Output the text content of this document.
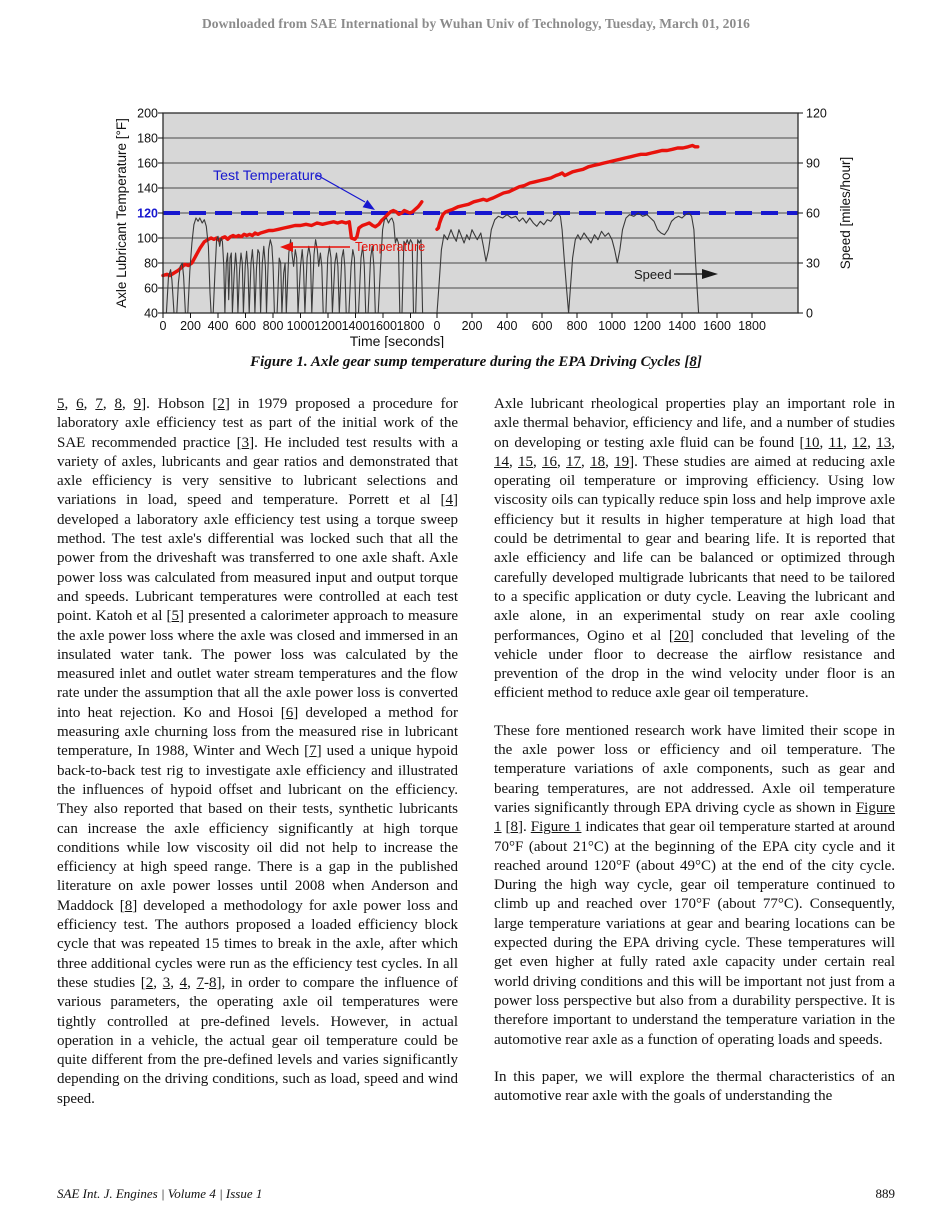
Downloaded from SAE International by Wuhan Univ of Technology, Tuesday, March 01, 2016
200
180
160
140
120
100
80
60
40
120
90
60
30
0
0 200 400 600 800 1000 1200 1400 1600 1800 0 200 400 600 800 1000 1200 1400 1600 1800
Time [seconds]
Axle Lubricant Temperature [°F]	Speed [miles/hour]
Test Temperature
Temperature
Speed
Figure 1. Axle gear sump temperature during the EPA Driving Cycles [8]

5, 6, 7, 8, 9]. Hobson [2] in 1979 proposed a procedure for laboratory axle efficiency test as part of the initial work of the SAE recommended practice [3]. He included test results with a variety of axles, lubricants and gear ratios and demonstrated that axle efficiency is very sensitive to lubricant selections and variations in load, speed and temperature. Porrett et al [4] developed a laboratory axle efficiency test using a torque sweep method. The test axle's differential was locked such that all the power from the driveshaft was transferred to one axle shaft. Axle power loss was calculated from measured input and output torque and speeds. Lubricant temperatures were controlled at each test point. Katoh et al [5] presented a calorimeter approach to measure the axle power loss where the axle was closed and immersed in an insulated water tank. The power loss was calculated by the measured inlet and outlet water stream temperatures and the flow rate under the assumption that all the axle power loss is converted into heat rejection. Ko and Hosoi [6] developed a method for measuring axle churning loss from the measured rise in lubricant temperature, In 1988, Winter and Wech [7] used a unique hypoid back-to-back test rig to investigate axle efficiency and illustrated the influences of hypoid offset and lubricant on the efficiency. They also reported that based on their tests, synthetic lubricants can increase the axle efficiency significantly at high torque conditions while low viscosity oil did not help to increase the efficiency at high speed range. There is a gap in the published literature on axle power losses until 2008 when Anderson and Maddock [8] developed a methodology for axle power loss and efficiency test. The authors proposed a loaded efficiency block cycle that was repeated 15 times to break in the axle, after which three additional cycles were run as the efficiency test cycles. In all these studies [2, 3, 4, 7-8], in order to compare the influence of various parameters, the operating axle oil temperatures were tightly controlled at pre-defined levels. However, in actual operation in a vehicle, the actual gear oil temperature could be quite different from the pre-defined levels and varies significantly depending on the driving conditions, such as load, speed and wind speed.

Axle lubricant rheological properties play an important role in axle thermal behavior, efficiency and life, and a number of studies on developing or testing axle fluid can be found [10, 11, 12, 13, 14, 15, 16, 17, 18, 19]. These studies are aimed at reducing axle operating oil temperature or improving efficiency. Using low viscosity oils can typically reduce spin loss and help improve axle efficiency but it results in higher temperature at high load that could be detrimental to gear and bearing life. It is reported that axle efficiency and life can be balanced or optimized through carefully developed multigrade lubricants that need to be tailored to a specific application or duty cycle. Leaving the lubricant and axle alone, in an experimental study on rear axle cooling performances, Ogino et al [20] concluded that leveling of the vehicle under floor to decrease the airflow resistance and prevention of the drop in the wind velocity under floor is an efficient method to reduce axle gear oil temperature.

These fore mentioned research work have limited their scope in the axle power loss or efficiency and oil temperature. The temperature variations of axle components, such as gear and bearing temperatures, are not addressed. Axle oil temperature varies significantly through EPA driving cycle as shown in Figure 1 [8]. Figure 1 indicates that gear oil temperature started at around 70°F (about 21°C) at the beginning of the EPA city cycle and it reached around 120°F (about 49°C) at the end of the city cycle. During the high way cycle, gear oil temperature continued to climb up and reached over 170°F (about 77°C). Consequently, large temperature variations at gear and bearing locations can be expected during the EPA driving cycle. These temperatures will get even higher at fully rated axle capacity under certain real world driving conditions and this will be important not just from a power loss perspective but also from a durability perspective. It is therefore important to understand the temperature variation in the automotive rear axle as a function of operating loads and speeds.

In this paper, we will explore the thermal characteristics of an automotive rear axle with the goals of understanding the

SAE Int. J. Engines | Volume 4 | Issue 1	889
